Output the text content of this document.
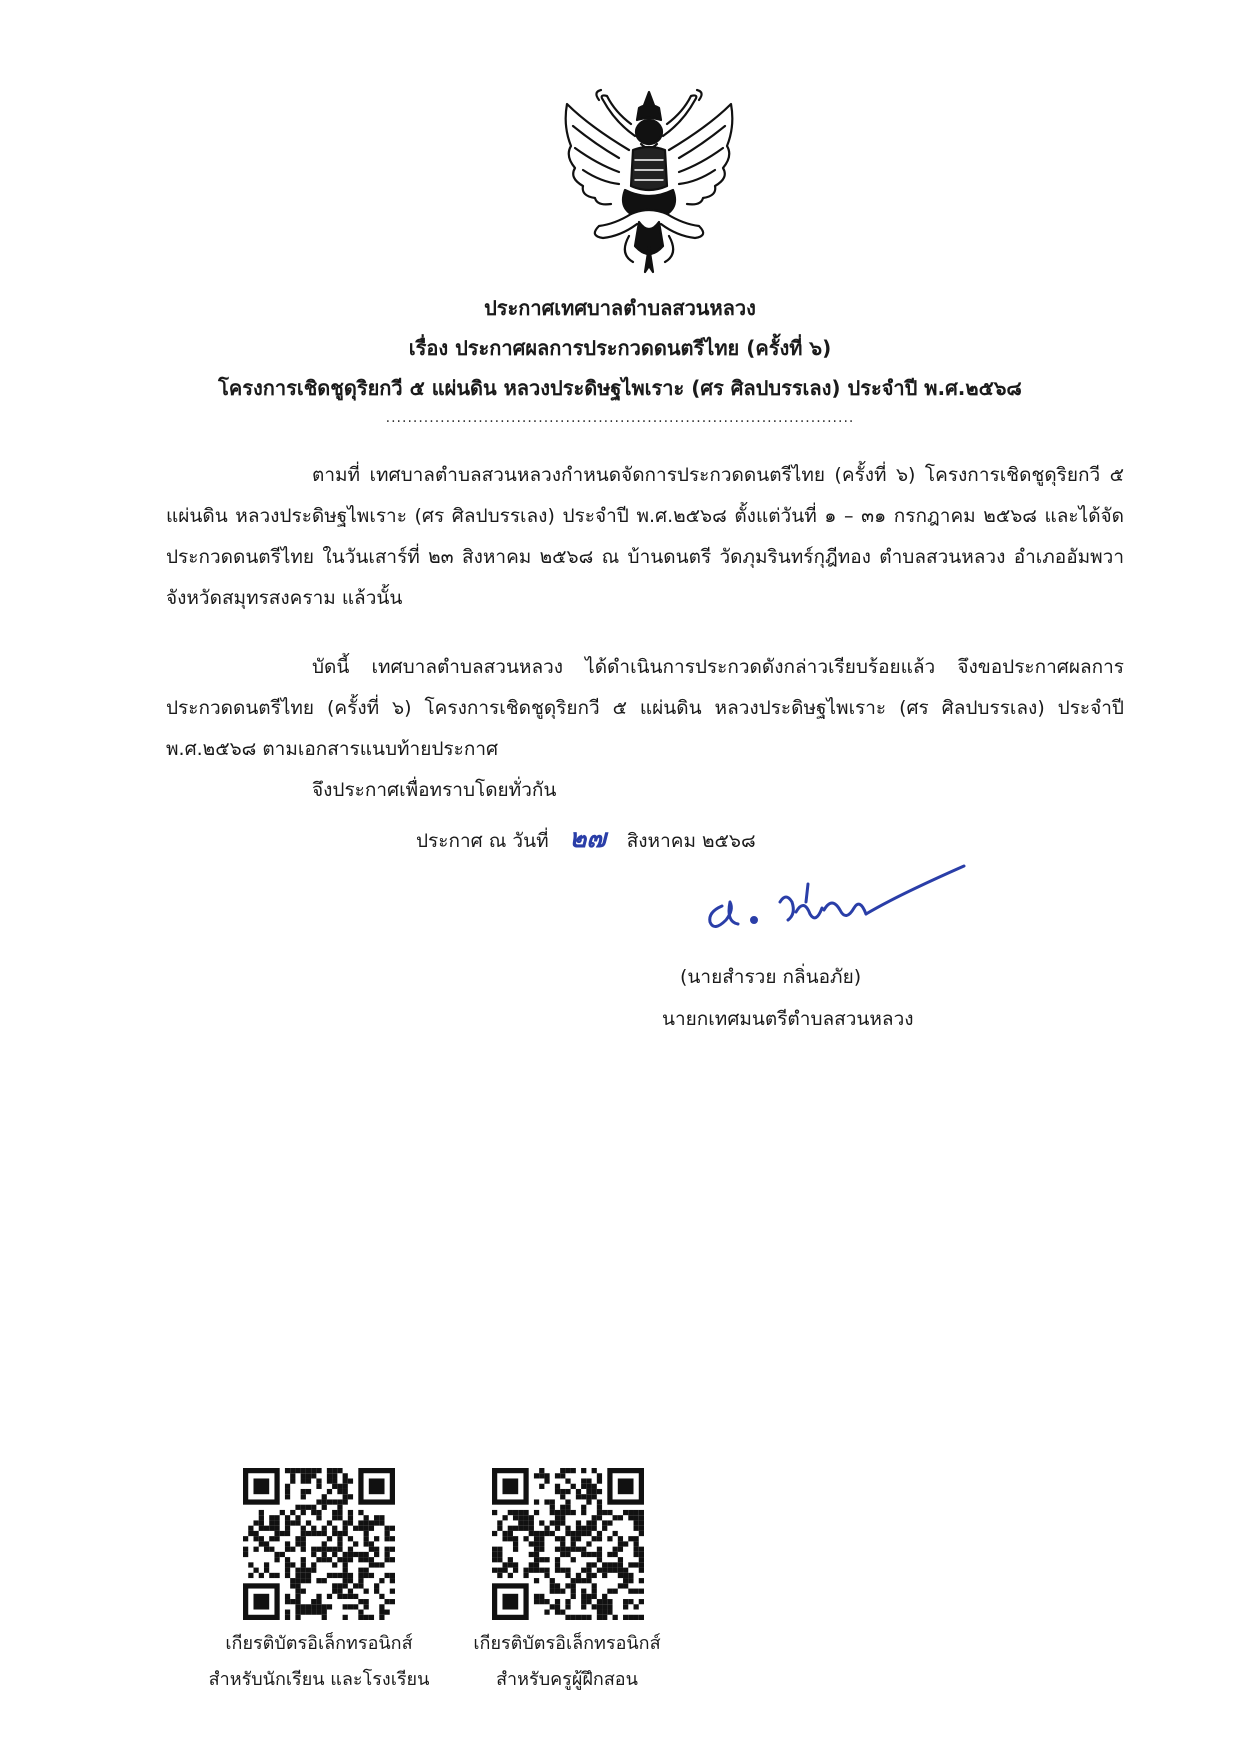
ประกาศเทศบาลตำบลสวนหลวง
เรื่อง ประกาศผลการประกวดดนตรีไทย (ครั้งที่ ๖)
โครงการเชิดชูดุริยกวี ๕ แผ่นดิน หลวงประดิษฐไพเราะ (ศร ศิลปบรรเลง) ประจำปี พ.ศ.๒๕๖๘
......................................................................................
ตามที่ เทศบาลตำบลสวนหลวงกำหนดจัดการประกวดดนตรีไทย (ครั้งที่ ๖) โครงการเชิดชูดุริยกวี ๕ แผ่นดิน หลวงประดิษฐไพเราะ (ศร ศิลปบรรเลง) ประจำปี พ.ศ.๒๕๖๘ ตั้งแต่วันที่ ๑ – ๓๑ กรกฎาคม ๒๕๖๘ และได้จัดประกวดดนตรีไทย ในวันเสาร์ที่ ๒๓ สิงหาคม ๒๕๖๘ ณ บ้านดนตรี วัดภุมรินทร์กุฎีทอง ตำบลสวนหลวง อำเภออัมพวา จังหวัดสมุทรสงคราม แล้วนั้น
บัดนี้ เทศบาลตำบลสวนหลวง ได้ดำเนินการประกวดดังกล่าวเรียบร้อยแล้ว จึงขอประกาศผลการประกวดดนตรีไทย (ครั้งที่ ๖) โครงการเชิดชูดุริยกวี ๕ แผ่นดิน หลวงประดิษฐไพเราะ (ศร ศิลปบรรเลง) ประจำปี พ.ศ.๒๕๖๘ ตามเอกสารแนบท้ายประกาศ
จึงประกาศเพื่อทราบโดยทั่วกัน
ประกาศ ณ วันที่ ๒๗ สิงหาคม ๒๕๖๘
(นายสำรวย กลิ่นอภัย)
นายกเทศมนตรีตำบลสวนหลวง
เกียรติบัตรอิเล็กทรอนิกส์
สำหรับนักเรียน และโรงเรียน
เกียรติบัตรอิเล็กทรอนิกส์
สำหรับครูผู้ฝึกสอน
